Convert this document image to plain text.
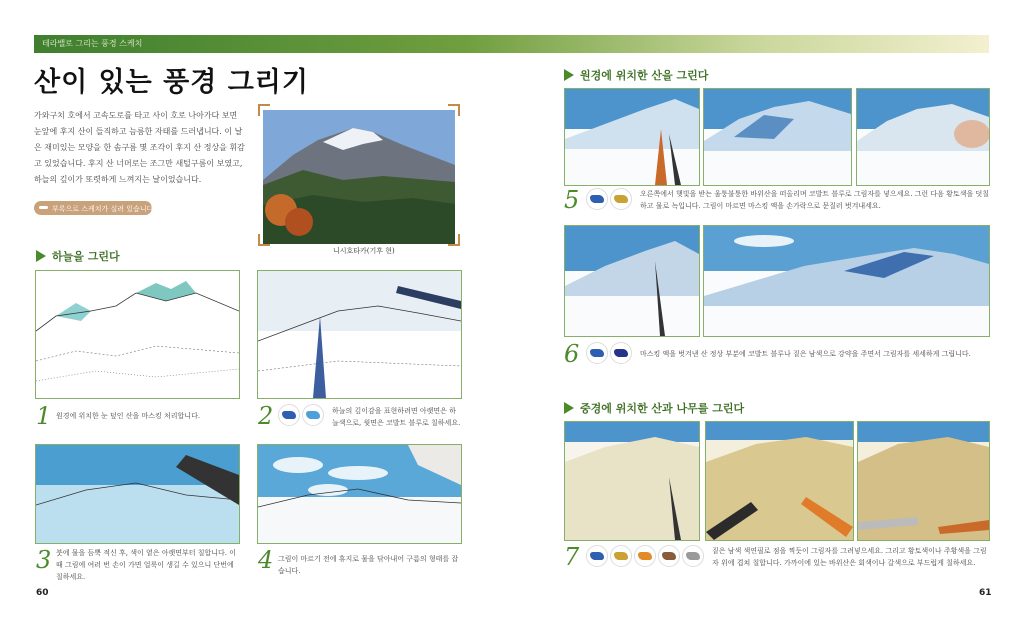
테라밸로 그리는 풍경 스케치
산이 있는 풍경 그리기
가와구치 호에서 고속도로를 타고 사이 호로 나아가다 보면 눈앞에 후지 산이 들직하고 늠름한 자태를 드러냅니다. 이 날은 재미있는 모양을 한 솜구름 몇 조각이 후지 산 정상을 휘감고 있었습니다. 후지 산 너머로는 조그만 새털구름이 보였고, 하늘의 깊이가 또렷하게 느껴지는 날이었습니다.
부록으로 스케치가 실려 있습니다
니시호타카(기후 현)
하늘을 그린다
1 원경에 위치한 눈 덮인 산을 마스킹 처리합니다.	2	하늘의 깊이감을 표현하려면 아랫면은 하늘색으로, 윗면은 코발트 블루로 칠하세요.
3 붓에 물을 듬뿍 적신 후, 색이 옅은 아랫면부터 칠합니다. 이때 그림에 여러 번 손이 가면 얼룩이 생길 수 있으니 단번에 칠하세요.
4 그림이 마르기 전에 휴지로 물을 닦아내어 구름의 형태를 잡습니다.
60
원경에 위치한 산을 그린다
5	오른쪽에서 햇빛을 받는 울퉁불퉁한 바위산을 떠올리며 코발트 블루로 그림자를 넣으세요. 그런 다음 황토색을 덧칠하고 물로 녹입니다. 그림이 마르면 마스킹 액을 손가락으로 문질러 벗겨내세요.
6	마스킹 액을 벗겨낸 산 정상 부분에 코발트 블루나 짙은 남색으로 강약을 주면서 그림자를 세세하게 그립니다.
중경에 위치한 산과 나무를 그린다
7	짙은 남색 색연필로 점을 찍듯이 그림자를 그려넣으세요. 그리고 황토색이나 주황색을 그림자 위에 겹쳐 칠합니다. 가까이에 있는 바위산은 회색이나 갈색으로 부드럽게 칠하세요.
61
